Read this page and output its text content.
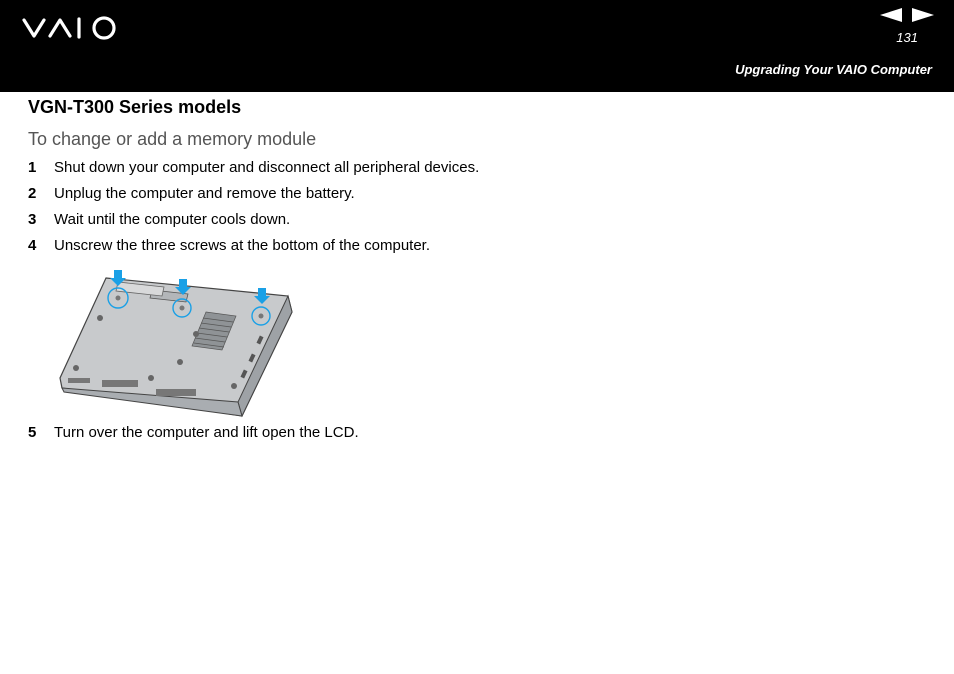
131
Upgrading Your VAIO Computer
VGN-T300 Series models
To change or add a memory module
1	Shut down your computer and disconnect all peripheral devices.
2	Unplug the computer and remove the battery.
3	Wait until the computer cools down.
4	Unscrew the three screws at the bottom of the computer.
5	Turn over the computer and lift open the LCD.
